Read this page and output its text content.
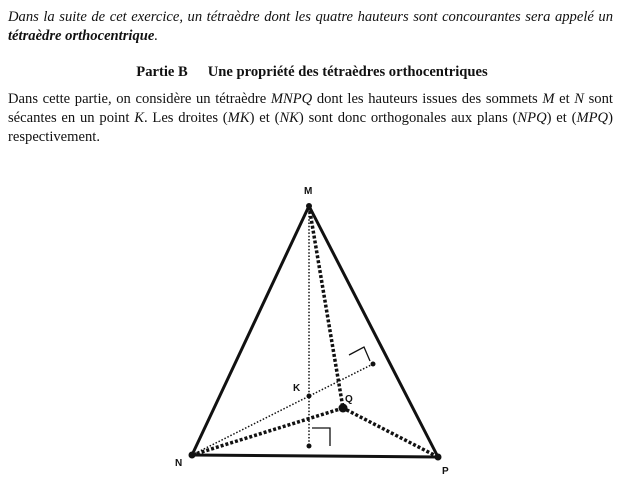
Dans la suite de cet exercice, un tétraèdre dont les quatre hauteurs sont concourantes sera appelé un tétraèdre orthocentrique.
Partie B Une propriété des tétraèdres orthocentriques
Dans cette partie, on considère un tétraèdre MNPQ dont les hauteurs issues des sommets M et N sont sécantes en un point K. Les droites (MK) et (NK) sont donc orthogonales aux plans (NPQ) et (MPQ) respectivement.
M
N
P
Q
K
